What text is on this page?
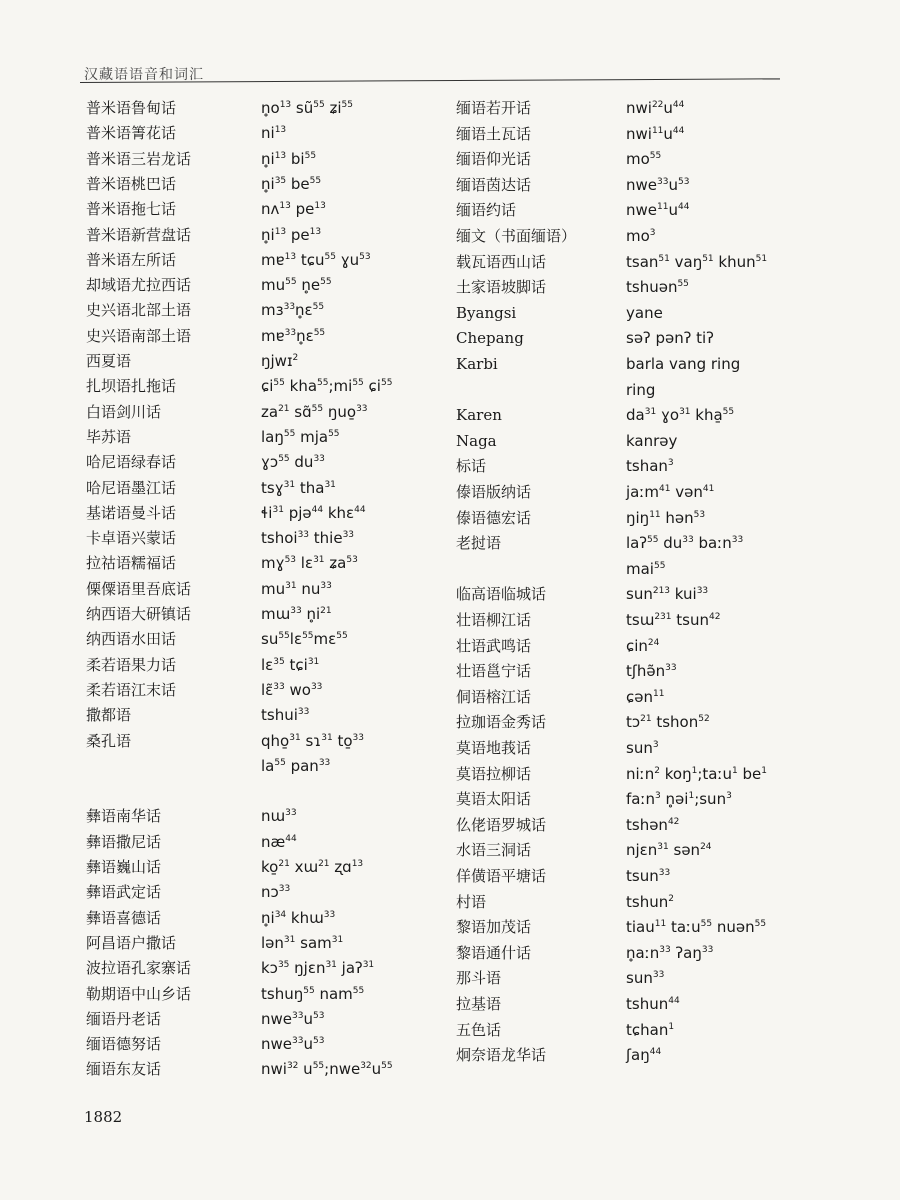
汉藏语语音和词汇
普米语鲁甸话	$n̥o^{13}$ $sũ^{55}$ ʑi$^{55}$
普米语箐花话	$ni^{13}$
普米语三岩龙话	$n̥i^{13}$ $bi^{55}$
普米语桃巴话	$n̥i^{35}$ $be^{55}$
普米语拖七话	nʌ$^{13}$ $pe^{13}$
普米语新营盘话	$n̥i^{13}$ $pe^{13}$
普米语左所话	mɐ$^{13}$ tɕu$^{55}$ ɣu$^{53}$
却域语尤拉西话	$mu^{55}$ $n̥e^{55}$
史兴语北部土语	mɜ$^{33}$n̥ɛ$^{55}$
史兴语南部土语	mɐ$^{33}$n̥ɛ$^{55}$
西夏语	ŋjwɪ$^2$
扎坝语扎拖话	ɕi$^{55}$ $kha^{55};mi^{55}$ ɕi$^{55}$
白语剑川话	$za^{21}$ sɑ̃$^{55}$ ŋuo̱$^{33}$
毕苏语	laŋ$^{55}$ mja$^{55}$
哈尼语绿春话	ɣɔ$^{55}$ $du^{33}$
哈尼语墨江话	tsɣ$^{31}$ tha$^{31}$
基诺语曼斗话	ɬi$^{31}$ pjə$^{44}$ khɛ$^{44}$
卡卓语兴蒙话	tshoi$^{33}$ thie$^{33}$
拉祜语糯福话	mɣ$^{53}$ lɛ$^{31}$ ʑa$^{53}$
傈僳语里吾底话	$mu^{31}$ $nu^{33}$
纳西语大研镇话	mɯ$^{33}$ $n̥i^{21}$
纳西语水田话	$su^{55}lɛ^{55}mɛ^{55}$
柔若语果力话	lɛ$^{35}$ tɕi$^{31}$
柔若语江末话	lɛ̃$^{33}$ $wo^{33}$
撒都语	tshui$^{33}$
桑孔语	qho̱$^{31}$ sɿ$^{31}$ to̱$^{33}$
$la^{55}$ pan$^{33}$
彝语南华话	nɯ$^{33}$
彝语撒尼话	$næ^{44}$
彝语巍山话	ko̱$^{21}$ xɯ$^{21}$ ʐɑ$^{13}$
彝语武定话	nɔ$^{33}$
彝语喜德话	$n̥i^{34}$ khɯ$^{33}$
阿昌语户撒话	lən$^{31}$ sam$^{31}$
波拉语孔家寨话	kɔ$^{35}$ ŋjɛn$^{31}$ jaʔ$^{31}$
勒期语中山乡话	tshuŋ$^{55}$ nam$^{55}$
缅语丹老话	$nwe^{33}u^{53}$
缅语德努话	$nwe^{33}u^{53}$
缅语东友话	nwi$^{32}$ $u^{55};nwe^{32}u^{55}$
缅语若开话	$nwi^{22}u^{44}$
缅语土瓦话	$nwi^{11}u^{44}$
缅语仰光话	$mo^{55}$
缅语茵达话	$nwe^{33}u^{53}$
缅语约话	$nwe^{11}u^{44}$
缅文（书面缅语）	$mo^3$
载瓦语西山话	tsan$^{51}$ vaŋ$^{51}$ khun$^{51}$
土家语坡脚话	tshuən$^{55}$
Byangsi	yane
Chepang	səʔ pənʔ tiʔ
Karbi	barla vang ring
ring
Karen	$da^{31}$ ɣo$^{31}$ kha̱$^{55}$
Naga	kanrəy
标话	tshan$^3$
傣语版纳话	jaːm$^{41}$ vən$^{41}$
傣语德宏话	ŋiŋ$^{11}$ hən$^{53}$
老挝语	laʔ$^{55}$ $du^{33}$ baːn$^{33}$
mai$^{55}$
临高语临城话	sun$^{213}$ kui$^{33}$
壮语柳江话	tsɯ$^{231}$ tsun$^{42}$
壮语武鸣话	ɕin$^{24}$
壮语邕宁话	$tʃhə̃n^{33}$
侗语榕江话	ɕən$^{11}$
拉珈语金秀话	tɔ$^{21}$ tshon$^{52}$
莫语地莪话	sun$^3$
莫语拉柳话	niːn$^2$ koŋ$^1$;taːu$^1$ $be^1$
莫语太阳话	faːn$^3$ n̥əi$^1$;sun$^3$
仫佬语罗城话	tshən$^{42}$
水语三洞话	njɛn$^{31}$ sən$^{24}$
佯僙语平塘话	tsun$^{33}$
村语	tshun$^2$
黎语加茂话	tiau$^{11}$ taːu$^{55}$ nuən$^{55}$
黎语通什话	n̥aːn$^{33}$ ʔaŋ$^{33}$
那斗语	sun$^{33}$
拉基语	tshun$^{44}$
五色话	tɕhan$^1$
炯奈语龙华话	ʃaŋ$^{44}$
1882
